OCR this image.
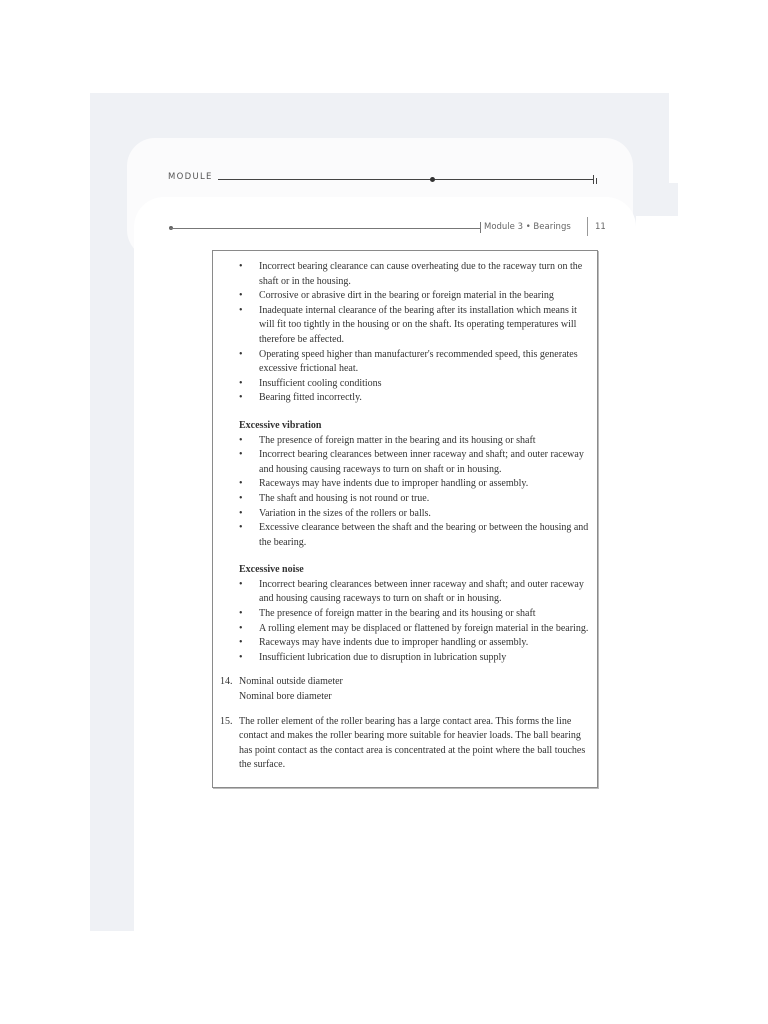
MODULE
Module 3 • Bearings	11
• Incorrect bearing clearance can cause overheating due to the raceway turn on the shaft or in the housing.
• Corrosive or abrasive dirt in the bearing or foreign material in the bearing
• Inadequate internal clearance of the bearing after its installation which means it will fit too tightly in the housing or on the shaft. Its operating temperatures will therefore be affected.
• Operating speed higher than manufacturer's recommended speed, this generates excessive frictional heat.
• Insufficient cooling conditions
• Bearing fitted incorrectly.
Excessive vibration
• The presence of foreign matter in the bearing and its housing or shaft
• Incorrect bearing clearances between inner raceway and shaft; and outer raceway and housing causing raceways to turn on shaft or in housing.
• Raceways may have indents due to improper handling or assembly.
• The shaft and housing is not round or true.
• Variation in the sizes of the rollers or balls.
• Excessive clearance between the shaft and the bearing or between the housing and the bearing.
Excessive noise
• Incorrect bearing clearances between inner raceway and shaft; and outer raceway and housing causing raceways to turn on shaft or in housing.
• The presence of foreign matter in the bearing and its housing or shaft
• A rolling element may be displaced or flattened by foreign material in the bearing.
• Raceways may have indents due to improper handling or assembly.
• Insufficient lubrication due to disruption in lubrication supply
14. Nominal outside diameter
Nominal bore diameter
15. The roller element of the roller bearing has a large contact area. This forms the line contact and makes the roller bearing more suitable for heavier loads. The ball bearing has point contact as the contact area is concentrated at the point where the ball touches the surface.
